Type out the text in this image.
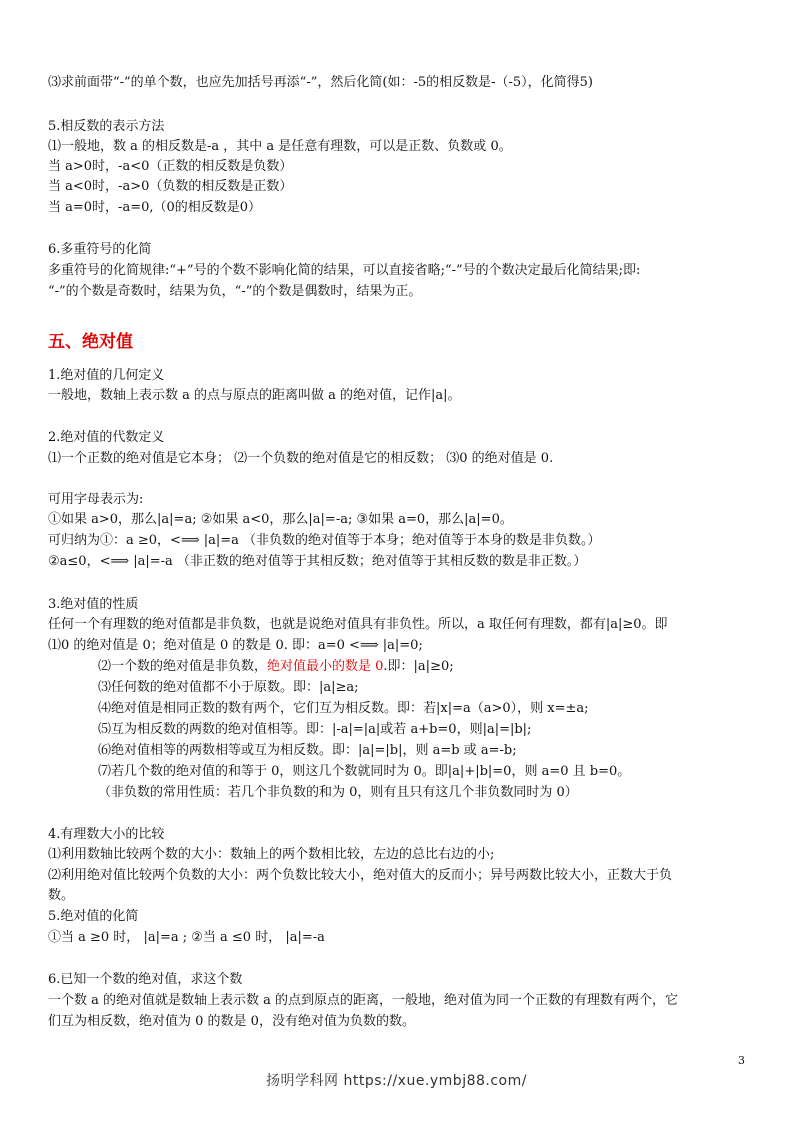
⑶求前面带“-”的单个数，也应先加括号再添“-”，然后化简(如：-5的相反数是-（-5），化简得5)
5.相反数的表示方法
⑴一般地，数 a 的相反数是-a ，其中 a 是任意有理数，可以是正数、负数或 0。
当 a>0时，-a<0（正数的相反数是负数）
当 a<0时，-a>0（负数的相反数是正数）
当 a=0时，-a=0,（0的相反数是0）
6.多重符号的化简
多重符号的化简规律:“+”号的个数不影响化简的结果，可以直接省略;“-”号的个数决定最后化简结果;即:
“-”的个数是奇数时，结果为负，“-”的个数是偶数时，结果为正。
五、绝对值
1.绝对值的几何定义
一般地，数轴上表示数 a 的点与原点的距离叫做 a 的绝对值，记作|a|。
2.绝对值的代数定义
⑴一个正数的绝对值是它本身； ⑵一个负数的绝对值是它的相反数； ⑶0 的绝对值是 0.
可用字母表示为:
①如果 a>0，那么|a|=a; ②如果 a<0，那么|a|=-a; ③如果 a=0，那么|a|=0。
可归纳为①：a ≥0，<⟹ |a|=a （非负数的绝对值等于本身；绝对值等于本身的数是非负数。）
②a≤0，<⟹ |a|=-a （非正数的绝对值等于其相反数；绝对值等于其相反数的数是非正数。）
3.绝对值的性质
任何一个有理数的绝对值都是非负数，也就是说绝对值具有非负性。所以，a 取任何有理数，都有|a|≥0。即
⑴0 的绝对值是 0；绝对值是 0 的数是 0. 即：a=0 <⟹ |a|=0;
⑵一个数的绝对值是非负数，绝对值最小的数是 0.即：|a|≥0;
⑶任何数的绝对值都不小于原数。即：|a|≥a;
⑷绝对值是相同正数的数有两个，它们互为相反数。即：若|x|=a（a>0），则 x=±a;
⑸互为相反数的两数的绝对值相等。即：|-a|=|a|或若 a+b=0，则|a|=|b|;
⑹绝对值相等的两数相等或互为相反数。即：|a|=|b|，则 a=b 或 a=-b;
⑺若几个数的绝对值的和等于 0，则这几个数就同时为 0。即|a|+|b|=0，则 a=0 且 b=0。
（非负数的常用性质：若几个非负数的和为 0，则有且只有这几个非负数同时为 0）
4.有理数大小的比较
⑴利用数轴比较两个数的大小：数轴上的两个数相比较，左边的总比右边的小;
⑵利用绝对值比较两个负数的大小：两个负数比较大小，绝对值大的反而小；异号两数比较大小，正数大于负
数。
5.绝对值的化简
①当 a ≥0 时， |a|=a ; ②当 a ≤0 时， |a|=-a
6.已知一个数的绝对值，求这个数
一个数 a 的绝对值就是数轴上表示数 a 的点到原点的距离，一般地，绝对值为同一个正数的有理数有两个，它
们互为相反数，绝对值为 0 的数是 0，没有绝对值为负数的数。
3
扬明学科网 https://xue.ymbj88.com/
